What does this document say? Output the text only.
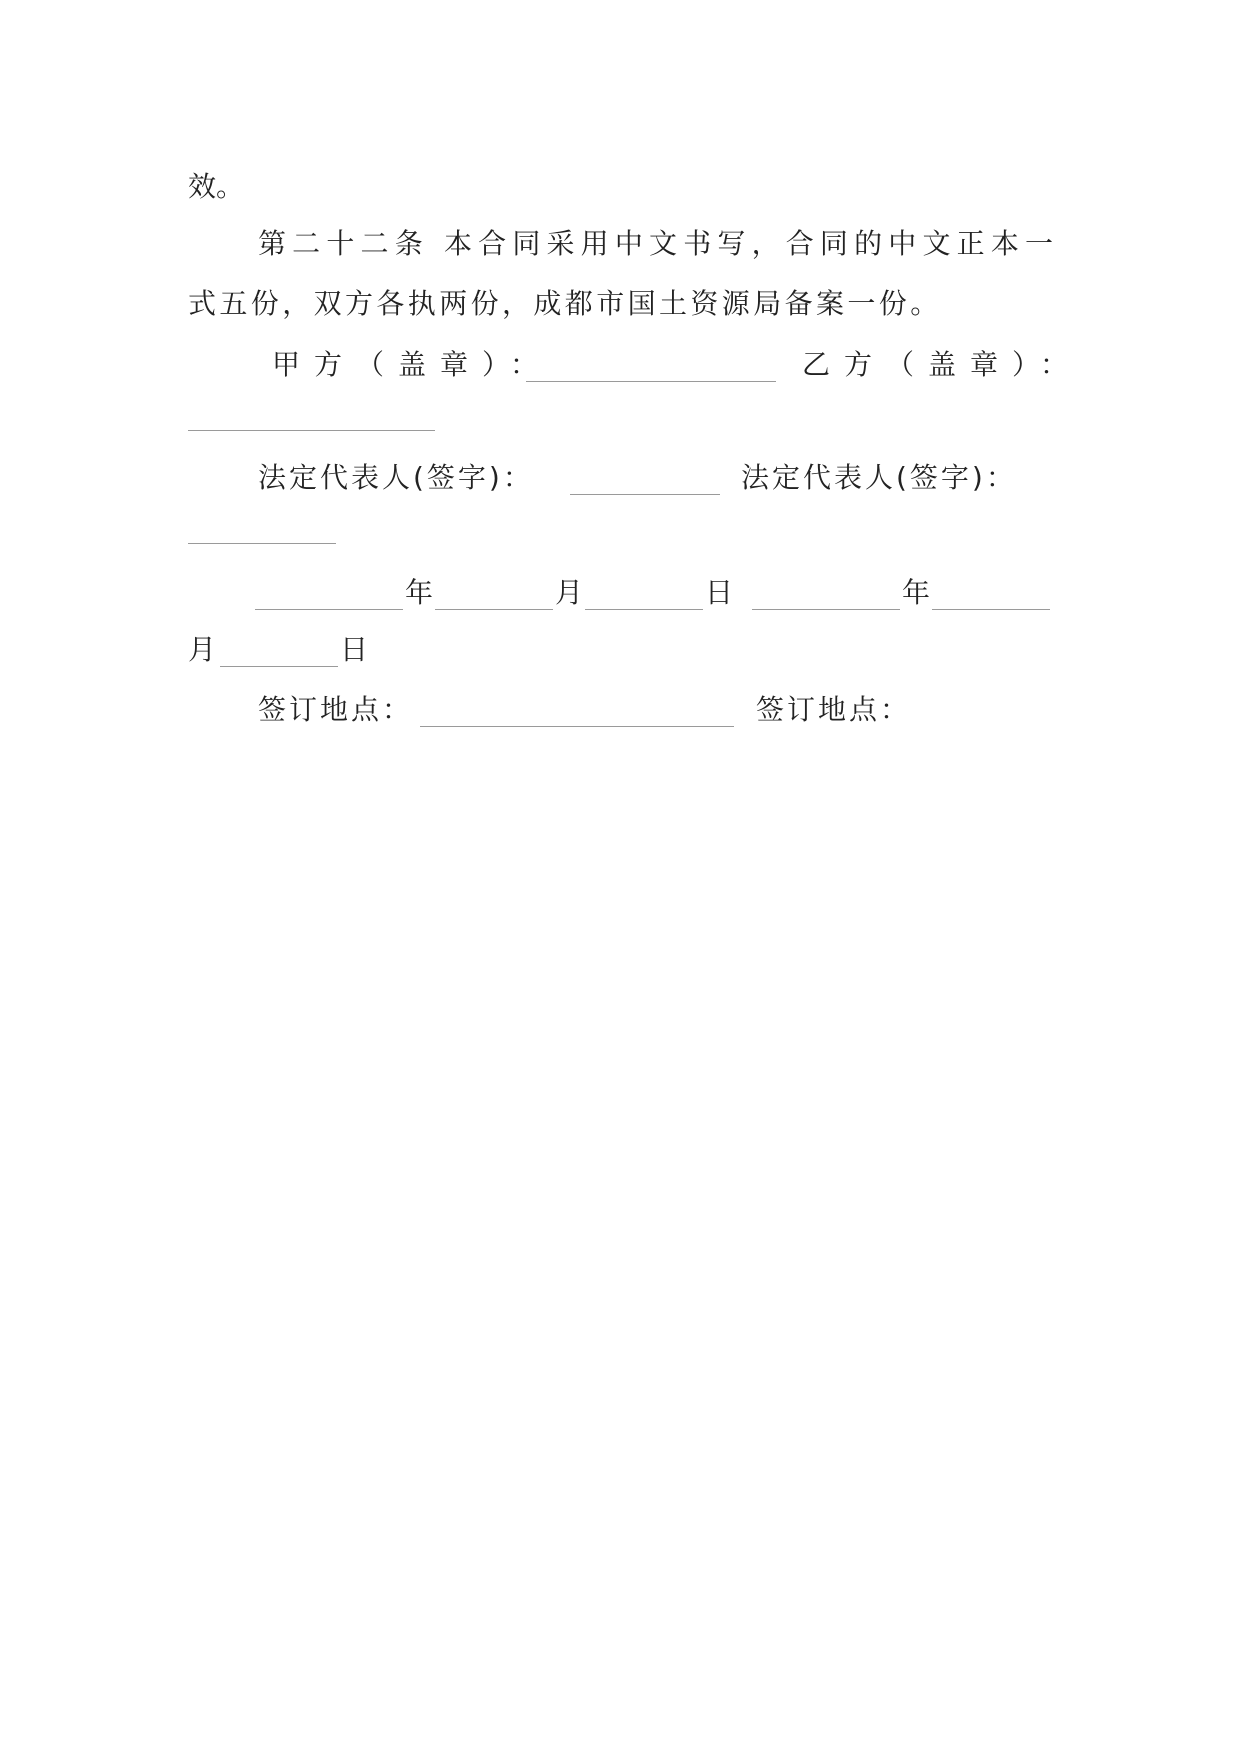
效。
第二十二条 本合同采用中文书写，合同的中文正本一
式五份，双方各执两份，成都市国土资源局备案一份。
甲方（盖章）：	乙方（盖章）：
法定代表人(签字)：	法定代表人(签字)：
年	月	日	年
月	日
签订地点：	签订地点：
